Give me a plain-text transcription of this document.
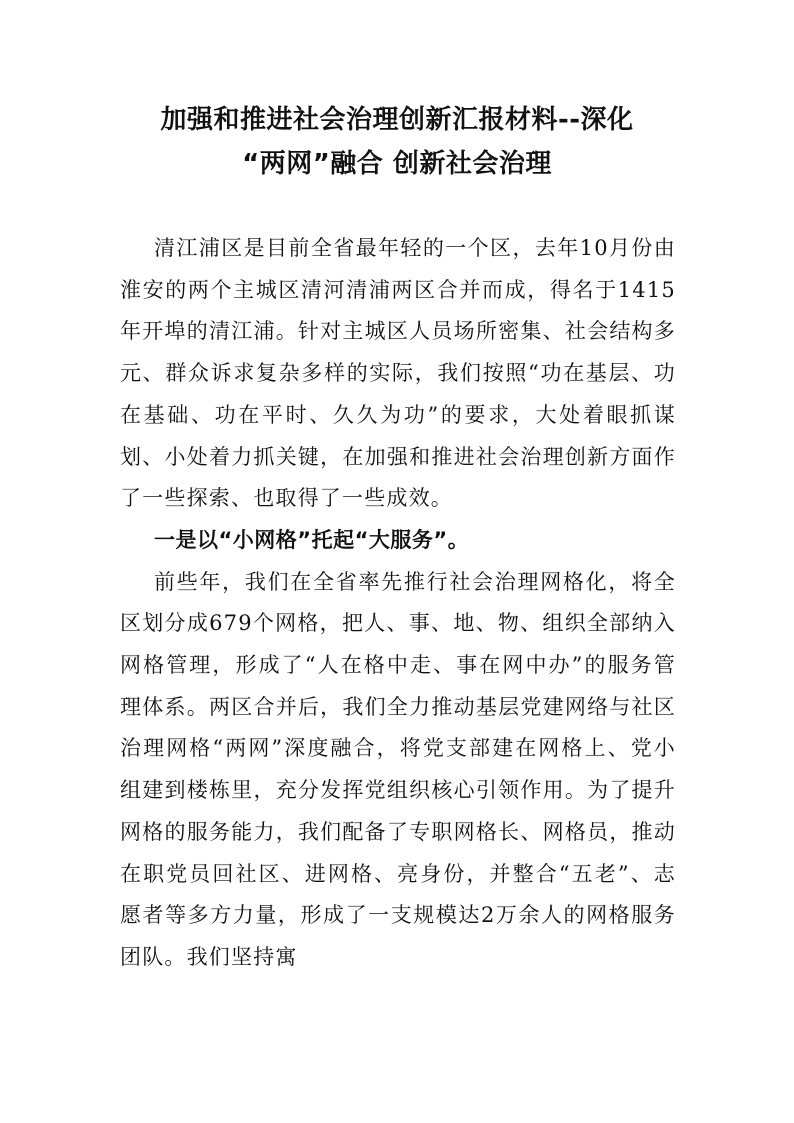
加强和推进社会治理创新汇报材料--深化
“两网”融合 创新社会治理

清江浦区是目前全省最年轻的一个区，去年10月份由淮安的两个主城区清河清浦两区合并而成，得名于1415年开埠的清江浦。针对主城区人员场所密集、社会结构多元、群众诉求复杂多样的实际，我们按照“功在基层、功在基础、功在平时、久久为功”的要求，大处着眼抓谋划、小处着力抓关键，在加强和推进社会治理创新方面作了一些探索、也取得了一些成效。

一是以“小网格”托起“大服务”。

前些年，我们在全省率先推行社会治理网格化，将全区划分成679个网格，把人、事、地、物、组织全部纳入网格管理，形成了“人在格中走、事在网中办”的服务管理体系。两区合并后，我们全力推动基层党建网络与社区治理网格“两网”深度融合，将党支部建在网格上、党小组建到楼栋里，充分发挥党组织核心引领作用。为了提升网格的服务能力，我们配备了专职网格长、网格员，推动在职党员回社区、进网格、亮身份，并整合“五老”、志愿者等多方力量，形成了一支规模达2万余人的网格服务团队。我们坚持寓
